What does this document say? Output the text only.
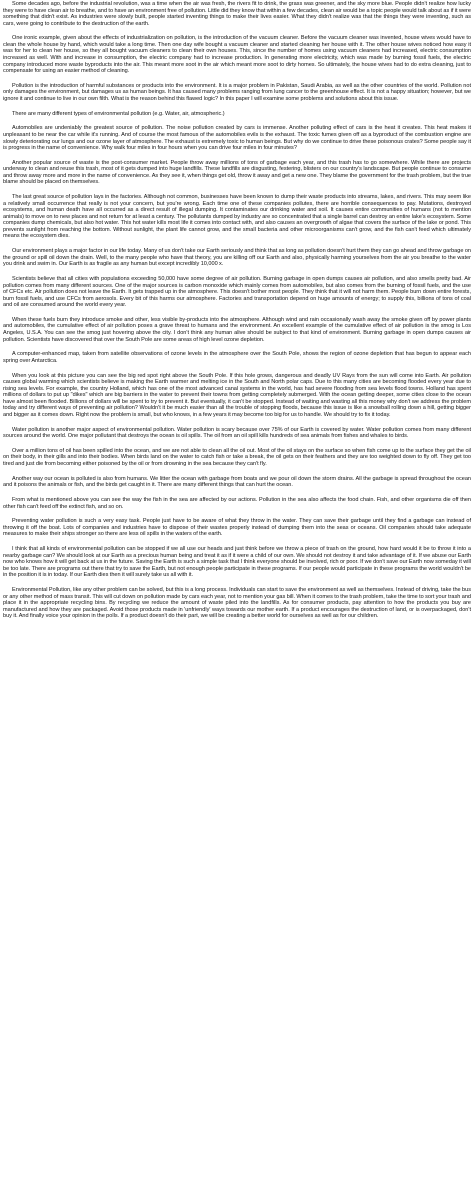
Some decades ago, before the industrial revolution, was a time when the air was fresh, the rivers fit to drink, the grass was greener, and the sky more blue. People didn't realize how lucky they were to have clean air to breathe, and to have an environment free of pollution. Little did they know that within a few decades, clean air would be a topic people would talk about as if it were something that didn't exist. As industries were slowly built, people started inventing things to make their lives easier. What they didn't realize was that the things they were inventing, such as cars, were going to contribute to the destruction of the earth.

One ironic example, given about the effects of industrialization on pollution, is the introduction of the vacuum cleaner. Before the vacuum cleaner was invented, house wives would have to clean the whole house by hand, which would take a long time. Then one day wife bought a vacuum cleaner and started cleaning her house with it. The other house wives noticed how easy it was for her to clean her house, so they all bought vacuum cleaners to clean their own houses. This, since the number of homes using vacuum cleaners had increased, electric consumption increased as well. With and increase in consumption, the electric company had to increase production. In generating more electricity, which was made by burning fossil fuels, the electric company introduced more waste byproducts into the air. This meant more soot in the air which meant more soot to dirty homes. So ultimately, the house wives had to do extra cleaning, just to compensate for using an easier method of cleaning.

Pollution is the introduction of harmful substances or products into the environment. It is a major problem in Pakistan, Saudi Arabia, as well as the other countries of the world. Pollution not only damages the environment, but damages us as human beings. It has caused many problems ranging from lung cancer to the greenhouse effect. It is not a happy situation; however, but we ignore it and continue to live in our own filth. What is the reason behind this flawed logic? In this paper I will examine some problems and solutions about this issue.

There are many different types of environmental pollution (e.g. Water, air, atmospheric.)

Automobiles are undeniably the greatest source of pollution. The noise pollution created by cars is immense. Another polluting effect of cars is the heat it creates. This heat makes it unpleasant to be near the car while it's running. And of course the most famous of the automobiles evils is the exhaust. The toxic fumes given off as a byproduct of the combustion engine are slowly deteriorating our lungs and our ozone layer of atmosphere. The exhaust is extremely toxic to human beings. But why do we continue to drive these poisonous crates? Some people say it is progress in the name of convenience. Why walk four miles in four hours when you can drive four miles in four minutes?

Another popular source of waste is the post-consumer market. People throw away millions of tons of garbage each year, and this trash has to go somewhere. While there are projects underway to clean and reuse this trash, most of it gets dumped into huge landfills. These landfills are disgusting, festering, blisters on our country's landscape. But people continue to consume and throw away more and more in the name of convenience. As they see it, when things get old, throw it away and get a new one. They blame the government for the trash problem, but the true blame should be placed on themselves.

The last great source of pollution lays in the factories. Although not common, businesses have been known to dump their waste products into streams, lakes, and rivers. This may seem like a relatively small occurrence that really is not your concern, but you're wrong. Each time one of these companies pollutes, there are horrible consequences to pay. Mutations, destroyed ecosystems, and human death have all occurred as a direct result of illegal dumping. It contaminates our drinking water and soil. It causes entire communities of humans (not to mention animals) to move on to new places and not return for at least a century. The pollutants dumped by industry are so concentrated that a single barrel can destroy an entire lake's ecosystem. Some companies dump chemicals, but also hot water. This hot water kills most life it comes into contact with, and also causes an overgrowth of algae that covers the surface of the lake or pond. This prevents sunlight from reaching the bottom. Without sunlight, the plant life cannot grow, and the small bacteria and other microorganisms can't grow, and the fish can't feed which ultimately means the ecosystem dies.

Our environment plays a major factor in our life today. Many of us don't take our Earth seriously and think that as long as pollution doesn't hurt them they can go ahead and throw garbage on the ground or spill oil down the drain. Well, to the many people who have that theory, you are killing off our Earth and also, physically harming yourselves from the air you breathe to the water you drink and swim in. Our Earth is as fragile as any human but except incredibly 10,000 x.

Scientists believe that all cities with populations exceeding 50,000 have some degree of air pollution. Burning garbage in open dumps causes air pollution, and also smells pretty bad. Air pollution comes from many different sources. One of the major sources is carbon monoxide which mainly comes from automobiles, but also comes from the burning of fossil fuels, and the use of CFCs etc. Air pollution does not leave the Earth. It gets trapped up in the atmosphere. This doesn't bother most people. They think that it will not harm them. People burn down entire forests, burn fossil fuels, and use CFCs from aerosols. Every bit of this harms our atmosphere. Factories and transportation depend on huge amounts of energy; to supply this, billions of tons of coal and oil are consumed around the world every year.

When these fuels burn they introduce smoke and other, less visible by-products into the atmosphere. Although wind and rain occasionally wash away the smoke given off by power plants and automobiles, the cumulative effect of air pollution poses a grave threat to humans and the environment. An excellent example of the cumulative effect of air pollution is the smog is Los Angeles, U.S.A. You can see the smog just hovering above the city. I don't think any human alive should be subject to that kind of environment. Burning garbage in open dumps causes air pollution. Scientists have discovered that over the South Pole are some areas of high level ozone depletion.

A computer-enhanced map, taken from satellite observations of ozone levels in the atmosphere over the South Pole, shows the region of ozone depletion that has begun to appear each spring over Antarctica.

When you look at this picture you can see the big red spot right above the South Pole. If this hole grows, dangerous and deadly UV Rays from the sun will come into Earth. Air pollution causes global warming which scientists believe is making the Earth warmer and melting ice in the South and North polar caps. Due to this many cities are becoming flooded every year due to rising sea levels. For example, the country Holland, which has one of the most advanced canal systems in the world, has had severe flooding from sea levels flood towns. Holland has spent millions of dollars to put up "dikes" which are big barriers in the water to prevent their towns from getting completely submerged. With the ocean getting deeper, some cities close to the ocean have almost been flooded. Billions of dollars will be spent to try to prevent it. But eventually, it can't be stopped. Instead of waiting and wasting all this money why don't we address the problem today and try different ways of preventing air pollution? Wouldn't it be much easier than all the trouble of stopping floods, because this issue is like a snowball rolling down a hill, getting bigger and bigger as it comes down. Right now the problem is small, but who knows, in a few years it may become too big for us to handle. We should try to fix it today.

Water pollution is another major aspect of environmental pollution. Water pollution is scary because over 75% of our Earth is covered by water. Water pollution comes from many different sources around the world. One major pollutant that destroys the ocean is oil spills. The oil from an oil spill kills hundreds of sea animals from fishes and whales to birds.

Over a million tons of oil has been spilled into the ocean, and we are not able to clean all the oil out. Most of the oil stays on the surface so when fish come up to the surface they get the oil on their body, in their gills and into their bodies. When birds land on the water to catch fish or take a break, the oil gets on their feathers and they are too weighted down to fly off. They get too tired and just die from becoming either poisoned by the oil or from drowning in the sea because they can't fly.

Another way our ocean is polluted is also from humans. We litter the ocean with garbage from boats and we pour oil down the storm drains. All the garbage is spread throughout the ocean and it poisons the animals or fish, and the birds get caught in it. There are many different things that can hurt the ocean.

From what is mentioned above you can see the way the fish in the sea are affected by our actions. Pollution in the sea also affects the food chain. Fish, and other organisms die off then other fish can't feed off the extinct fish, and so on.

Preventing water pollution is such a very easy task. People just have to be aware of what they throw in the water. They can save their garbage until they find a garbage can instead of throwing it off the boat. Lots of companies and industries have to dispose of their wastes properly instead of dumping them into the seas or oceans. Oil companies should take adequate measures to make their ships stronger so there are less oil spills in the waters of the earth.

I think that all kinds of environmental pollution can be stopped if we all use our heads and just think before we throw a piece of trash on the ground, how hard would it be to throw it into a nearby garbage can? We should look at our Earth as a precious human being and treat it as if it were a child of our own. We should not destroy it and take advantage of it. If we abuse our Earth now who knows how it will get back at us in the future. Saving the Earth is such a simple task that I think everyone should be involved, rich or poor. If we don't save our Earth now someday it will be too late. There are programs out there that try to save the Earth, but not enough people participate in these programs. If our people would participate in these programs the world wouldn't be in the position it is in today. If our Earth dies then it will surely take us all with it.

Environmental Pollution, like any other problem can be solved, but this is a long process. Individuals can start to save the environment as well as themselves. Instead of driving, take the bus or any other method of mass transit. This will cut down on pollution made by cars each year, not to mention your gas bill. When it comes to the trash problem, take the time to sort your trash and place it in the appropriate recycling bins. By recycling we reduce the amount of waste piled into the landfills. As for consumer products, pay attention to how the products you buy are manufactured and how they are packaged. Avoid those products made in 'unfriendly' ways towards our mother earth. If a product encourages the destruction of land, or is overpackaged, don't buy it. And finally voice your opinion in the polls. If a product doesn't do their part, we will be creating a better world for ourselves as well as for our children.
